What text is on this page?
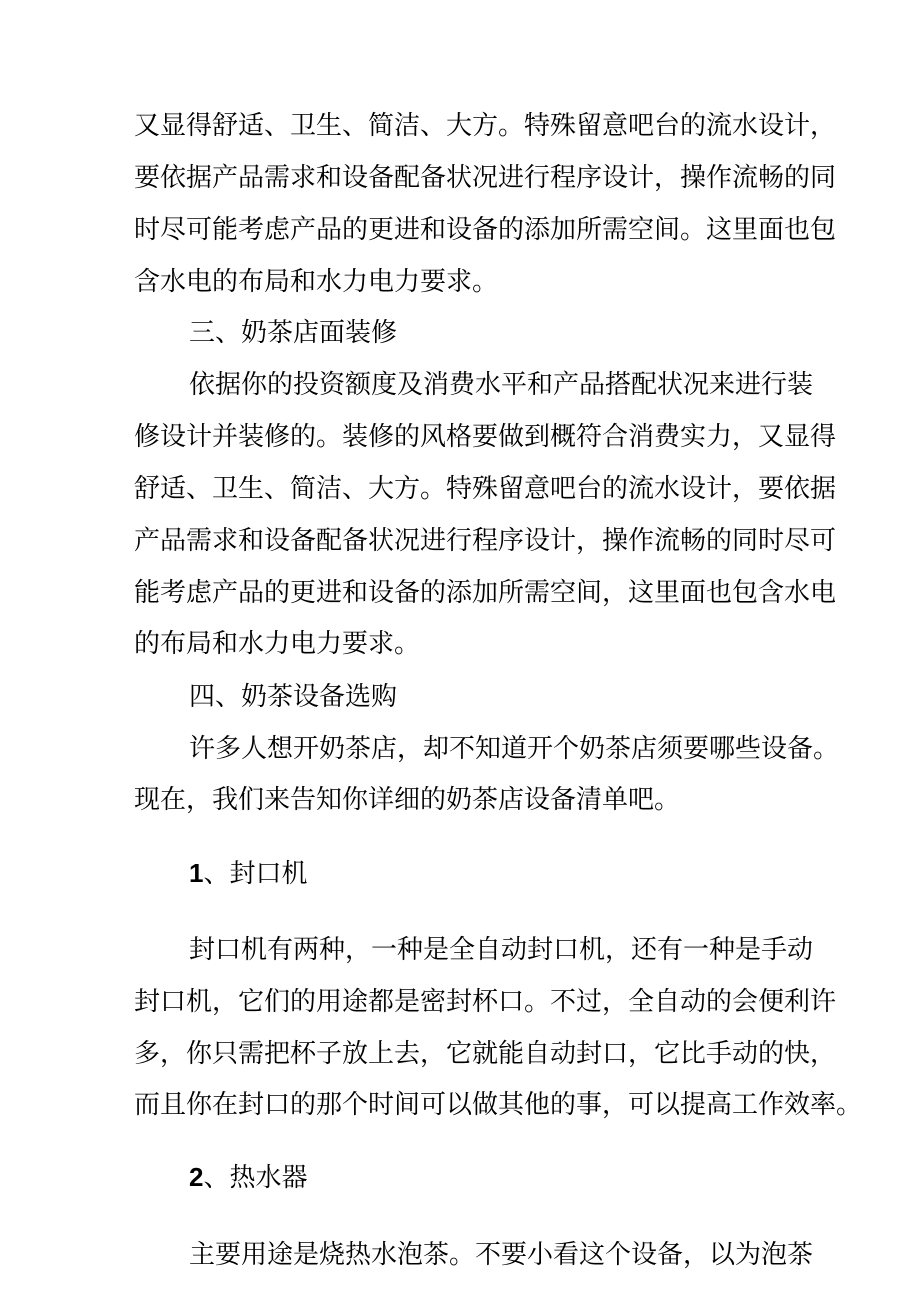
又显得舒适、卫生、简洁、大方。特殊留意吧台的流水设计，
要依据产品需求和设备配备状况进行程序设计，操作流畅的同
时尽可能考虑产品的更进和设备的添加所需空间。这里面也包
含水电的布局和水力电力要求。
三、奶茶店面装修
依据你的投资额度及消费水平和产品搭配状况来进行装
修设计并装修的。装修的风格要做到概符合消费实力，又显得
舒适、卫生、简洁、大方。特殊留意吧台的流水设计，要依据
产品需求和设备配备状况进行程序设计，操作流畅的同时尽可
能考虑产品的更进和设备的添加所需空间，这里面也包含水电
的布局和水力电力要求。
四、奶茶设备选购
许多人想开奶茶店，却不知道开个奶茶店须要哪些设备。
现在，我们来告知你详细的奶茶店设备清单吧。
1、封口机
封口机有两种，一种是全自动封口机，还有一种是手动
封口机，它们的用途都是密封杯口。不过，全自动的会便利许
多，你只需把杯子放上去，它就能自动封口，它比手动的快，
而且你在封口的那个时间可以做其他的事，可以提高工作效率。
2、热水器
主要用途是烧热水泡茶。不要小看这个设备，以为泡茶
